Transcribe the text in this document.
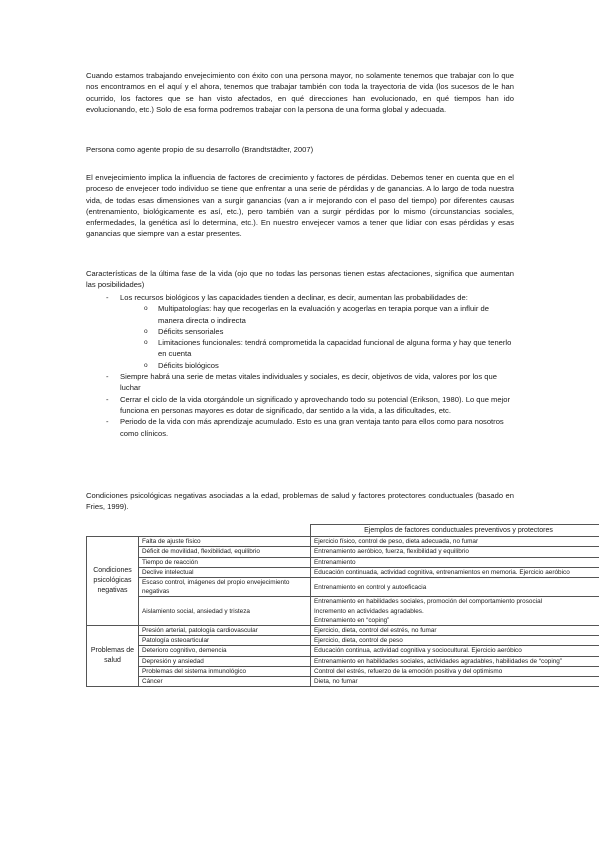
Cuando estamos trabajando envejecimiento con éxito con una persona mayor, no solamente tenemos que trabajar con lo que nos encontramos en el aquí y el ahora, tenemos que trabajar también con toda la trayectoria de vida (los sucesos de le han ocurrido, los factores que se han visto afectados, en qué direcciones han evolucionado, en qué tiempos han ido evolucionando, etc.) Solo de esa forma podremos trabajar con la persona de una forma global y adecuada.

Persona como agente propio de su desarrollo (Brandtstädter, 2007)

El envejecimiento implica la influencia de factores de crecimiento y factores de pérdidas. Debemos tener en cuenta que en el proceso de envejecer todo individuo se tiene que enfrentar a una serie de pérdidas y de ganancias. A lo largo de toda nuestra vida, de todas esas dimensiones van a surgir ganancias (van a ir mejorando con el paso del tiempo) por diferentes causas (entrenamiento, biológicamente es así, etc.), pero también van a surgir pérdidas por lo mismo (circunstancias sociales, enfermedades, la genética así lo determina, etc.). En nuestro envejecer vamos a tener que lidiar con esas pérdidas y esas ganancias que siempre van a estar presentes.

Características de la última fase de la vida (ojo que no todas las personas tienen estas afectaciones, significa que aumentan las posibilidades)

- Los recursos biológicos y las capacidades tienden a declinar, es decir, aumentan las probabilidades de:
o Multipatologías: hay que recogerlas en la evaluación y acogerlas en terapia porque van a influir de manera directa o indirecta
o Déficits sensoriales
o Limitaciones funcionales: tendrá comprometida la capacidad funcional de alguna forma y hay que tenerlo en cuenta
o Déficits biológicos
- Siempre habrá una serie de metas vitales individuales y sociales, es decir, objetivos de vida, valores por los que luchar
- Cerrar el ciclo de la vida otorgándole un significado y aprovechando todo su potencial (Erikson, 1980). Lo que mejor funciona en personas mayores es dotar de significado, dar sentido a la vida, a las dificultades, etc.
- Periodo de la vida con más aprendizaje acumulado. Esto es una gran ventaja tanto para ellos como para nosotros como clínicos.

Condiciones psicológicas negativas asociadas a la edad, problemas de salud y factores protectores conductuales (basado en Fries, 1999).

		Ejemplos de factores conductuales preventivos y protectores
Condiciones psicológicas negativas	Falta de ajuste físico	Ejercicio físico, control de peso, dieta adecuada, no fumar
	Déficit de movilidad, flexibilidad, equilibrio	Entrenamiento aeróbico, fuerza, flexibilidad y equilibrio
	Tiempo de reacción	Entrenamiento
	Declive intelectual	Educación continuada, actividad cognitiva, entrenamientos en memoria. Ejercicio aeróbico
	Escaso control, imágenes del propio envejecimiento negativas	Entrenamiento en control y autoeficacia
	Aislamiento social, ansiedad y tristeza	Entrenamiento en habilidades sociales, promoción del comportamiento prosocial
Incremento en actividades agradables.
Entrenamiento en “coping”
Problemas de salud	Presión arterial, patología cardiovascular	Ejercicio, dieta, control del estrés, no fumar
	Patología osteoarticular	Ejercicio, dieta, control de peso
	Deterioro cognitivo, demencia	Educación continua, actividad cognitiva y sociocultural. Ejercicio aeróbico
	Depresión y ansiedad	Entrenamiento en habilidades sociales, actividades agradables, habilidades de “coping”
	Problemas del sistema inmunológico	Control del estrés, refuerzo de la emoción positiva y del optimismo
	Cáncer	Dieta, no fumar
